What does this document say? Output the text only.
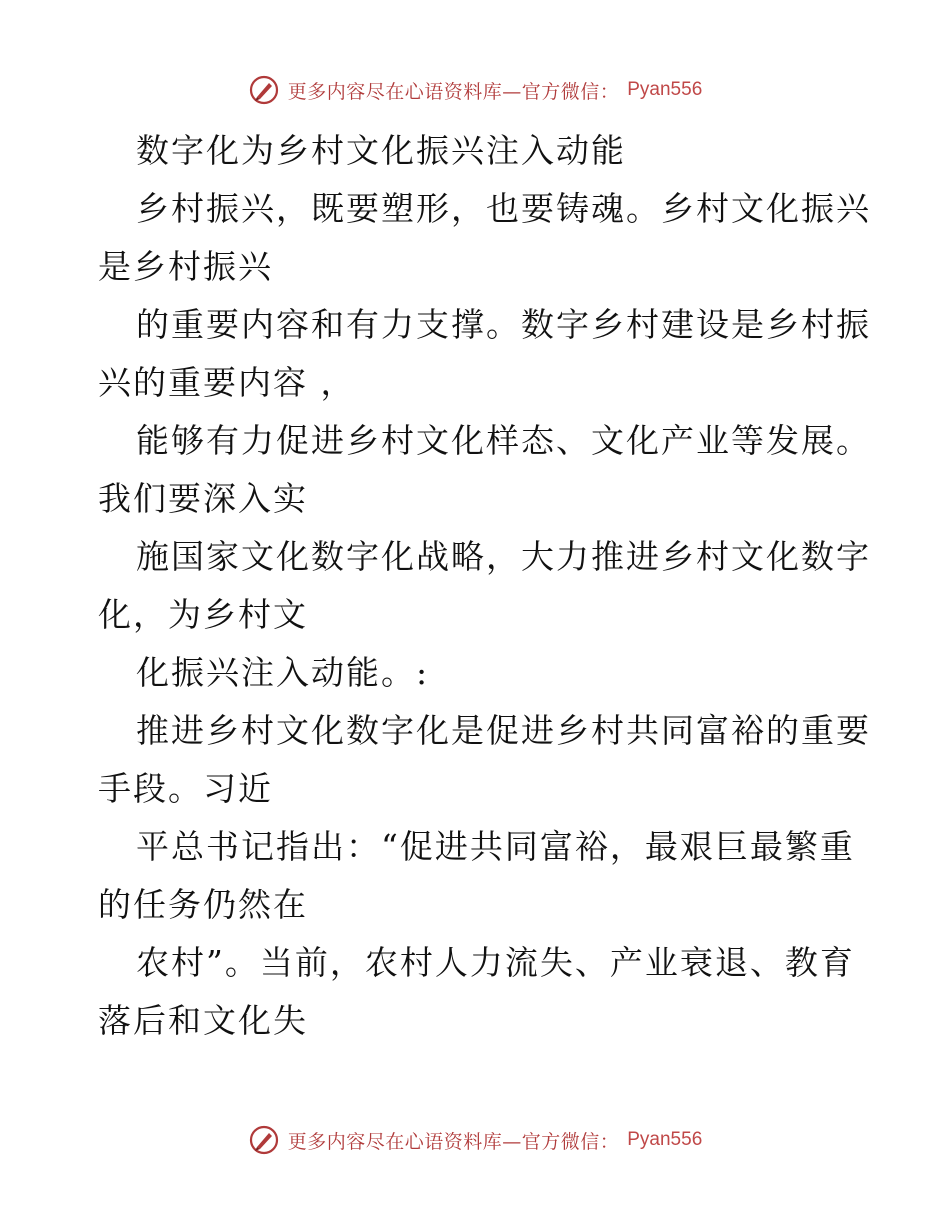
更多内容尽在心语资料库—官方微信： Pyan556
数字化为乡村文化振兴注入动能
乡村振兴，既要塑形，也要铸魂。乡村文化振兴
是乡村振兴
的重要内容和有力支撑。数字乡村建设是乡村振
兴的重要内容 ，
能够有力促进乡村文化样态、文化产业等发展。
我们要深入实
施国家文化数字化战略，大力推进乡村文化数字
化，为乡村文
化振兴注入动能。:
推进乡村文化数字化是促进乡村共同富裕的重要
手段。习近
平总书记指出：“促进共同富裕，最艰巨最繁重
的任务仍然在
农村”。当前，农村人力流失、产业衰退、教育
落后和文化失
更多内容尽在心语资料库—官方微信： Pyan556
